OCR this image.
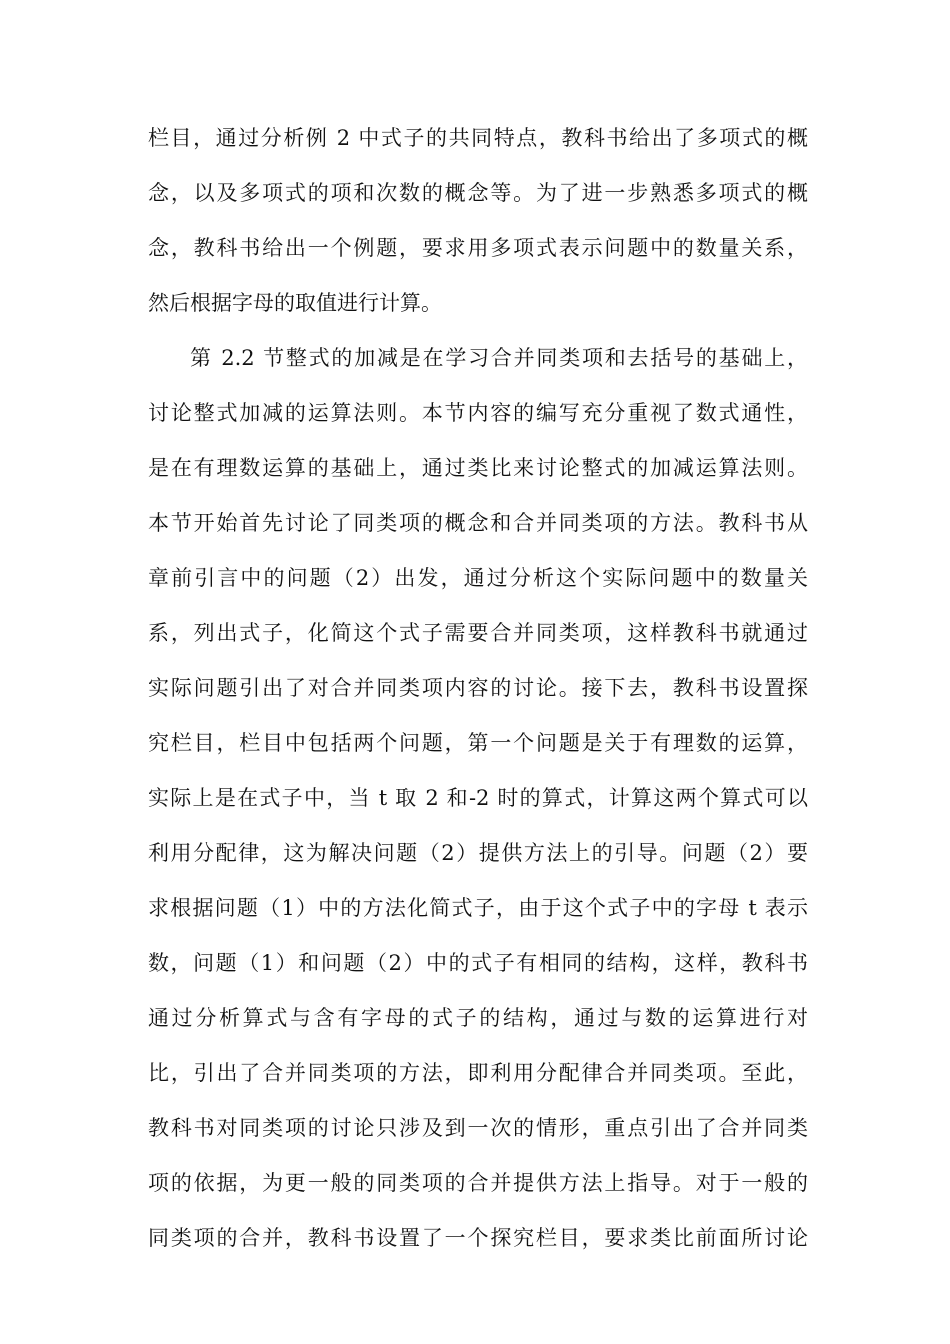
栏目，通过分析例 2 中式子的共同特点，教科书给出了多项式的概
念，以及多项式的项和次数的概念等。为了进一步熟悉多项式的概
念，教科书给出一个例题，要求用多项式表示问题中的数量关系，
然后根据字母的取值进行计算。
第 2.2 节整式的加减是在学习合并同类项和去括号的基础上，
讨论整式加减的运算法则。本节内容的编写充分重视了数式通性，
是在有理数运算的基础上，通过类比来讨论整式的加减运算法则。
本节开始首先讨论了同类项的概念和合并同类项的方法。教科书从
章前引言中的问题（2）出发，通过分析这个实际问题中的数量关
系，列出式子，化简这个式子需要合并同类项，这样教科书就通过
实际问题引出了对合并同类项内容的讨论。接下去，教科书设置探
究栏目，栏目中包括两个问题，第一个问题是关于有理数的运算，
实际上是在式子中，当 t 取 2 和-2 时的算式，计算这两个算式可以
利用分配律，这为解决问题（2）提供方法上的引导。问题（2）要
求根据问题（1）中的方法化简式子，由于这个式子中的字母 t 表示
数，问题（1）和问题（2）中的式子有相同的结构，这样，教科书
通过分析算式与含有字母的式子的结构，通过与数的运算进行对
比，引出了合并同类项的方法，即利用分配律合并同类项。至此，
教科书对同类项的讨论只涉及到一次的情形，重点引出了合并同类
项的依据，为更一般的同类项的合并提供方法上指导。对于一般的
同类项的合并，教科书设置了一个探究栏目，要求类比前面所讨论
